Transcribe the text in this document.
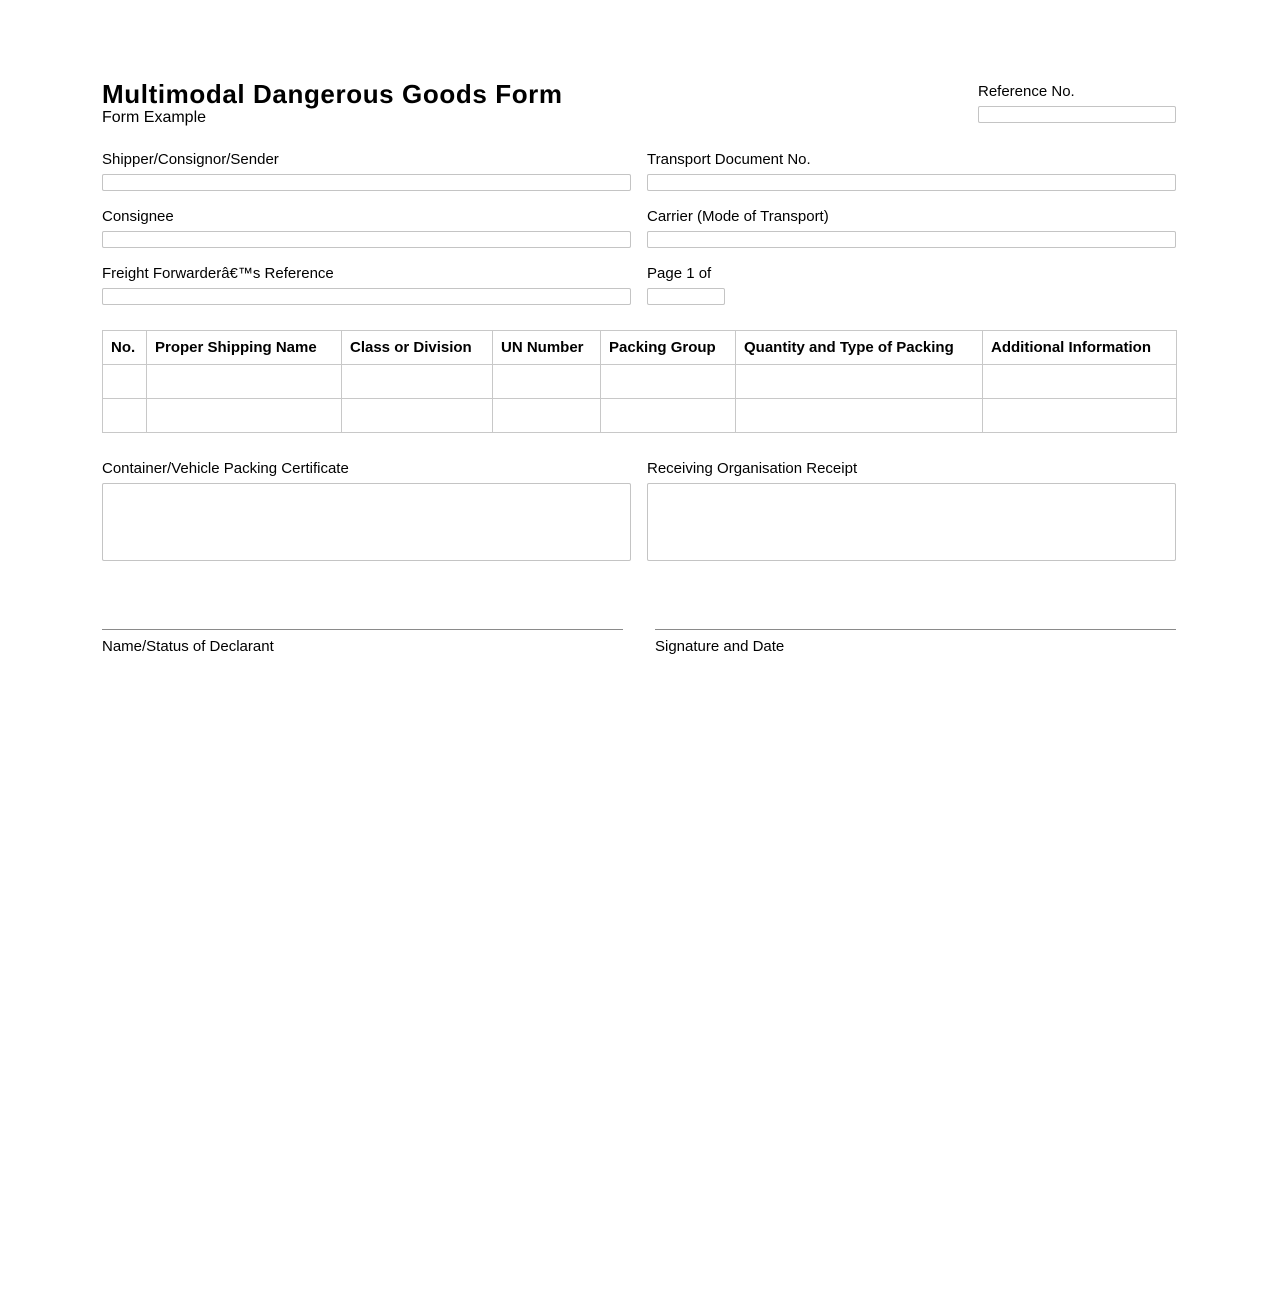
Multimodal Dangerous Goods Form
Form Example
Reference No.
Shipper/Consignor/Sender	Transport Document No.
Consignee	Carrier (Mode of Transport)
Freight Forwarderâ€™s Reference	Page 1 of
No.	Proper Shipping Name	Class or Division	UN Number	Packing Group	Quantity and Type of Packing	Additional Information

Container/Vehicle Packing Certificate	Receiving Organisation Receipt
Name/Status of Declarant	Signature and Date
